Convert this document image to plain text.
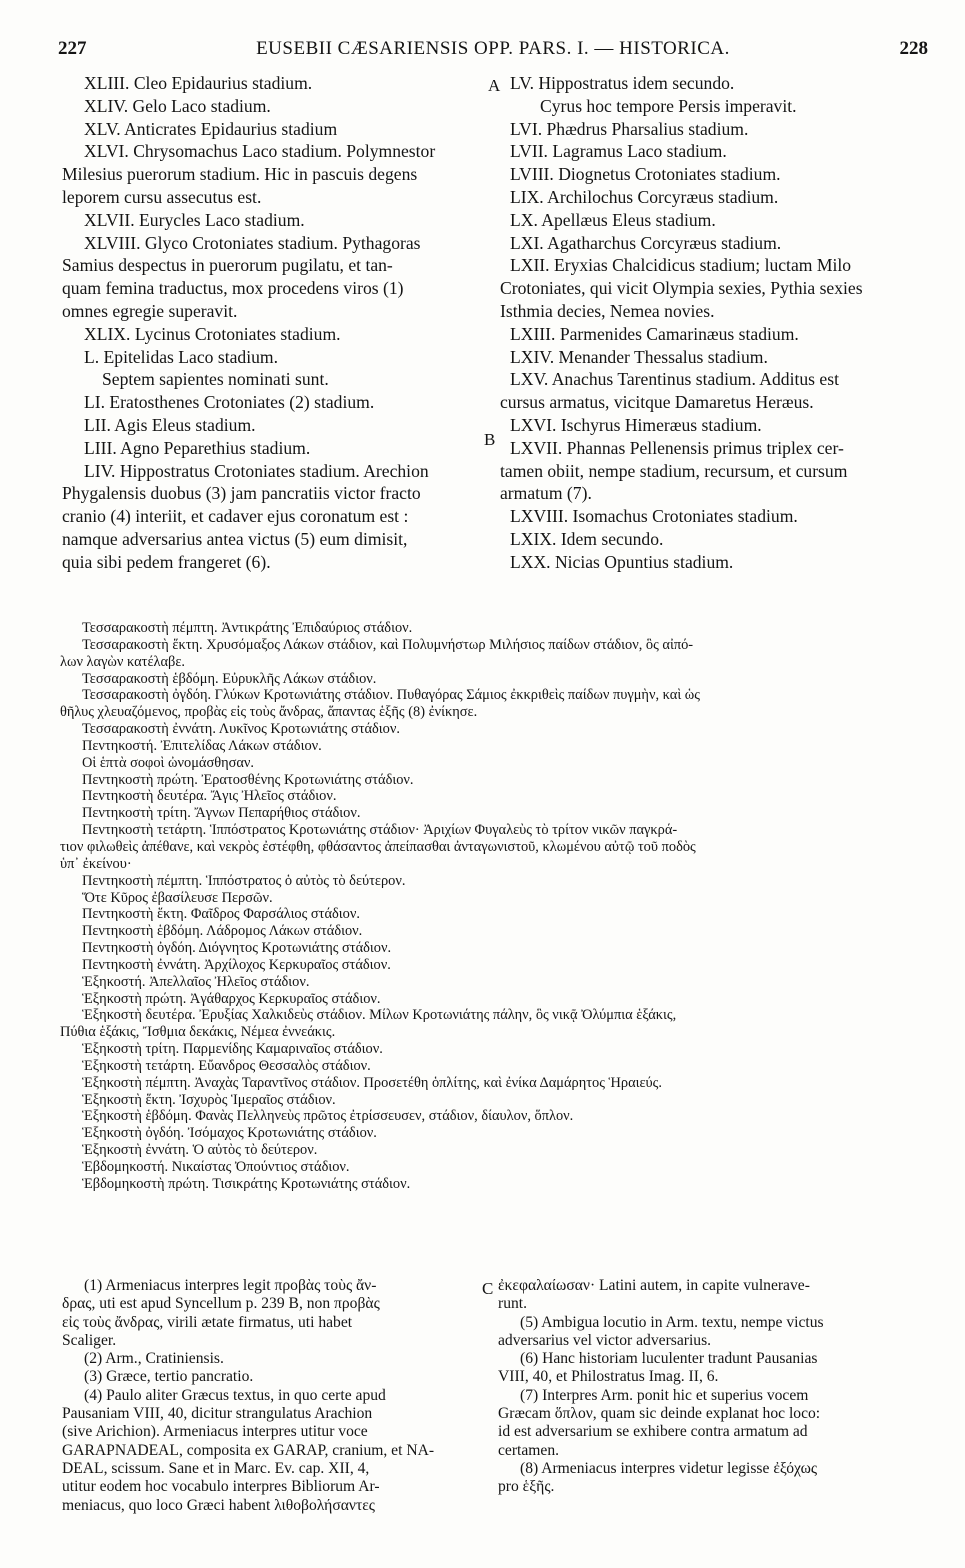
227	EUSEBII CÆSARIENSIS OPP. PARS. I. — HISTORICA.	228
A
B
XLIII. Cleo Epidaurius stadium.
XLIV. Gelo Laco stadium.
XLV. Anticrates Epidaurius stadium
XLVI. Chrysomachus Laco stadium. Polymnestor
Milesius puerorum stadium. Hic in pascuis degens
leporem cursu assecutus est.
XLVII. Eurycles Laco stadium.
XLVIII. Glyco Crotoniates stadium. Pythagoras
Samius despectus in puerorum pugilatu, et tan-
quam femina traductus, mox procedens viros (1)
omnes egregie superavit.
XLIX. Lycinus Crotoniates stadium.
L. Epitelidas Laco stadium.
Septem sapientes nominati sunt.
LI. Eratosthenes Crotoniates (2) stadium.
LII. Agis Eleus stadium.
LIII. Agno Peparethius stadium.
LIV. Hippostratus Crotoniates stadium. Arechion
Phygalensis duobus (3) jam pancratiis victor fracto
cranio (4) interiit, et cadaver ejus coronatum est :
namque adversarius antea victus (5) eum dimisit,
quia sibi pedem frangeret (6).
LV. Hippostratus idem secundo.
Cyrus hoc tempore Persis imperavit.
LVI. Phædrus Pharsalius stadium.
LVII. Lagramus Laco stadium.
LVIII. Diognetus Crotoniates stadium.
LIX. Archilochus Corcyræus stadium.
LX. Apellæus Eleus stadium.
LXI. Agatharchus Corcyræus stadium.
LXII. Eryxias Chalcidicus stadium; luctam Milo
Crotoniates, qui vicit Olympia sexies, Pythia sexies
Isthmia decies, Nemea novies.
LXIII. Parmenides Camarinæus stadium.
LXIV. Menander Thessalus stadium.
LXV. Anachus Tarentinus stadium. Additus est
cursus armatus, vicitque Damaretus Heræus.
LXVI. Ischyrus Himeræus stadium.
LXVII. Phannas Pellenensis primus triplex cer-
tamen obiit, nempe stadium, recursum, et cursum
armatum (7).
LXVIII. Isomachus Crotoniates stadium.
LXIX. Idem secundo.
LXX. Nicias Opuntius stadium.
Τεσσαρακοστὴ πέμπτη. Ἀντικράτης Ἐπιδαύριος στάδιον.
Τεσσαρακοστὴ ἕκτη. Χρυσόμαξος Λάκων στάδιον, καὶ Πολυμνήστωρ Μιλήσιος παίδων στάδιον, ὃς αἰπό-
λων λαγὼν κατέλαβε.
Τεσσαρακοστὴ ἑβδόμη. Εὐρυκλῆς Λάκων στάδιον.
Τεσσαρακοστὴ ὀγδόη. Γλύκων Κροτωνιάτης στάδιον. Πυθαγόρας Σάμιος ἐκκριθεὶς παίδων πυγμὴν, καὶ ὡς
θῆλυς χλευαζόμενος, προβὰς εἰς τοὺς ἄνδρας, ἅπαντας ἑξῆς (8) ἐνίκησε.
Τεσσαρακοστὴ ἐννάτη. Λυκῖνος Κροτωνιάτης στάδιον.
Πεντηκοστή. Ἐπιτελίδας Λάκων στάδιον.
Οἱ ἑπτὰ σοφοὶ ὠνομάσθησαν.
Πεντηκοστὴ πρώτη. Ἐρατοσθένης Κροτωνιάτης στάδιον.
Πεντηκοστὴ δευτέρα. Ἄγις Ἠλεῖος στάδιον.
Πεντηκοστὴ τρίτη. Ἄγνων Πεπαρήθιος στάδιον.
Πεντηκοστὴ τετάρτη. Ἱππόστρατος Κροτωνιάτης στάδιον· Ἀριχίων Φυγαλεὺς τὸ τρίτον νικῶν παγκρά-
τιον φιλωθεὶς ἀπέθανε, καὶ νεκρὸς ἐστέφθη, φθάσαντος ἀπείπασθαι ἀνταγωνιστοῦ, κλωμένου αὐτῷ τοῦ ποδὸς
ὑπ᾽ ἐκείνου·
Πεντηκοστὴ πέμπτη. Ἱππόστρατος ὁ αὐτὸς τὸ δεύτερον.
Ὅτε Κῦρος ἐβασίλευσε Περσῶν.
Πεντηκοστὴ ἕκτη. Φαῖδρος Φαρσάλιος στάδιον.
Πεντηκοστὴ ἑβδόμη. Λάδρομος Λάκων στάδιον.
Πεντηκοστὴ ὀγδόη. Διόγνητος Κροτωνιάτης στάδιον.
Πεντηκοστὴ ἐννάτη. Ἀρχίλοχος Κερκυραῖος στάδιον.
Ἑξηκοστή. Ἀπελλαῖος Ἠλεῖος στάδιον.
Ἑξηκοστὴ πρώτη. Ἀγάθαρχος Κερκυραῖος στάδιον.
Ἑξηκοστὴ δευτέρα. Ἐρυξίας Χαλκιδεὺς στάδιον. Μίλων Κροτωνιάτης πάλην, ὃς νικᾷ Ὀλύμπια ἑξάκις,
Πύθια ἑξάκις, Ἴσθμια δεκάκις, Νέμεα ἐννεάκις.
Ἑξηκοστὴ τρίτη. Παρμενίδης Καμαριναῖος στάδιον.
Ἑξηκοστὴ τετάρτη. Εὔανδρος Θεσσαλὸς στάδιον.
Ἑξηκοστὴ πέμπτη. Ἀναχὰς Ταραντῖνος στάδιον. Προσετέθη ὁπλίτης, καὶ ἐνίκα Δαμάρητος Ἡραιεύς.
Ἑξηκοστὴ ἕκτη. Ἰσχυρὸς Ἱμεραῖος στάδιον.
Ἑξηκοστὴ ἑβδόμη. Φανὰς Πελληνεὺς πρῶτος ἐτρίσσευσεν, στάδιον, δίαυλον, ὅπλον.
Ἑξηκοστὴ ὀγδόη. Ἰσόμαχος Κροτωνιάτης στάδιον.
Ἑξηκοστὴ ἐννάτη. Ὁ αὐτὸς τὸ δεύτερον.
Ἑβδομηκοστή. Νικαίστας Ὀπούντιος στάδιον.
Ἑβδομηκοστὴ πρώτη. Τισικράτης Κροτωνιάτης στάδιον.
C
(1) Armeniacus interpres legit προβὰς τοὺς ἄν-
δρας, uti est apud Syncellum p. 239 B, non προβὰς
εἰς τοὺς ἄνδρας, virili ætate firmatus, uti habet
Scaliger.
(2) Arm., Cratiniensis.
(3) Græce, tertio pancratio.
(4) Paulo aliter Græcus textus, in quo certe apud
Pausaniam VIII, 40, dicitur strangulatus Arachion
(sive Arichion). Armeniacus interpres utitur voce
GARAPNADEAL, composita ex GARAP, cranium, et NA-
DEAL, scissum. Sane et in Marc. Ev. cap. XII, 4,
utitur eodem hoc vocabulo interpres Bibliorum Ar-
meniacus, quo loco Græci habent λιθοβολήσαντες
ἐκεφαλαίωσαν· Latini autem, in capite vulnerave-
runt.
(5) Ambigua locutio in Arm. textu, nempe victus
adversarius vel victor adversarius.
(6) Hanc historiam luculenter tradunt Pausanias
VIII, 40, et Philostratus Imag. II, 6.
(7) Interpres Arm. ponit hic et superius vocem
Græcam ὅπλον, quam sic deinde explanat hoc loco:
id est adversarium se exhibere contra armatum ad
certamen.
(8) Armeniacus interpres videtur legisse ἐξόχως
pro ἑξῆς.
